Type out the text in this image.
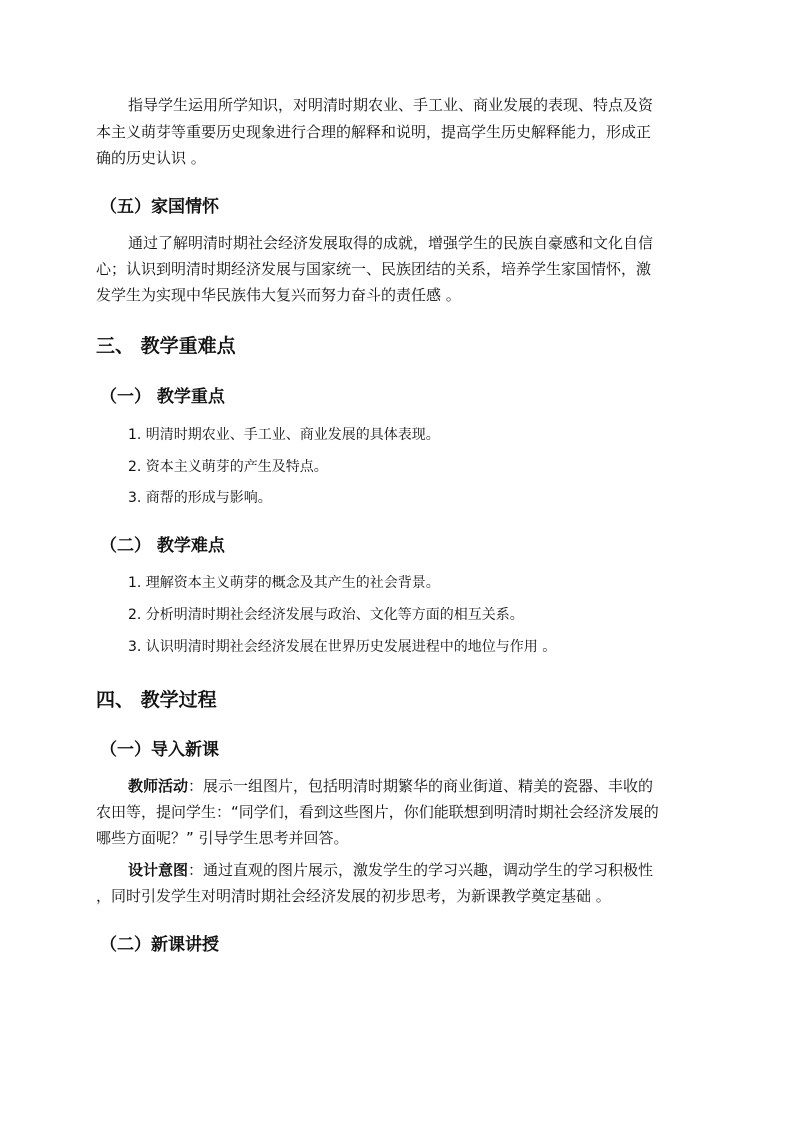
指导学生运用所学知识，对明清时期农业、手工业、商业发展的表现、特点及资
本主义萌芽等重要历史现象进行合理的解释和说明，提高学生历史解释能力，形成正
确的历史认识 。
（五）家国情怀
通过了解明清时期社会经济发展取得的成就，增强学生的民族自豪感和文化自信
心；认识到明清时期经济发展与国家统一、民族团结的关系，培养学生家国情怀，激
发学生为实现中华民族伟大复兴而努力奋斗的责任感 。
三、 教学重难点
（一） 教学重点
1. 明清时期农业、手工业、商业发展的具体表现。
2. 资本主义萌芽的产生及特点。
3. 商帮的形成与影响。
（二） 教学难点
1. 理解资本主义萌芽的概念及其产生的社会背景。
2. 分析明清时期社会经济发展与政治、文化等方面的相互关系。
3. 认识明清时期社会经济发展在世界历史发展进程中的地位与作用 。
四、 教学过程
（一）导入新课
教师活动：展示一组图片，包括明清时期繁华的商业街道、精美的瓷器、丰收的
农田等，提问学生：“同学们，看到这些图片，你们能联想到明清时期社会经济发展的
哪些方面呢？” 引导学生思考并回答。
设计意图：通过直观的图片展示，激发学生的学习兴趣，调动学生的学习积极性
，同时引发学生对明清时期社会经济发展的初步思考，为新课教学奠定基础 。
（二）新课讲授
